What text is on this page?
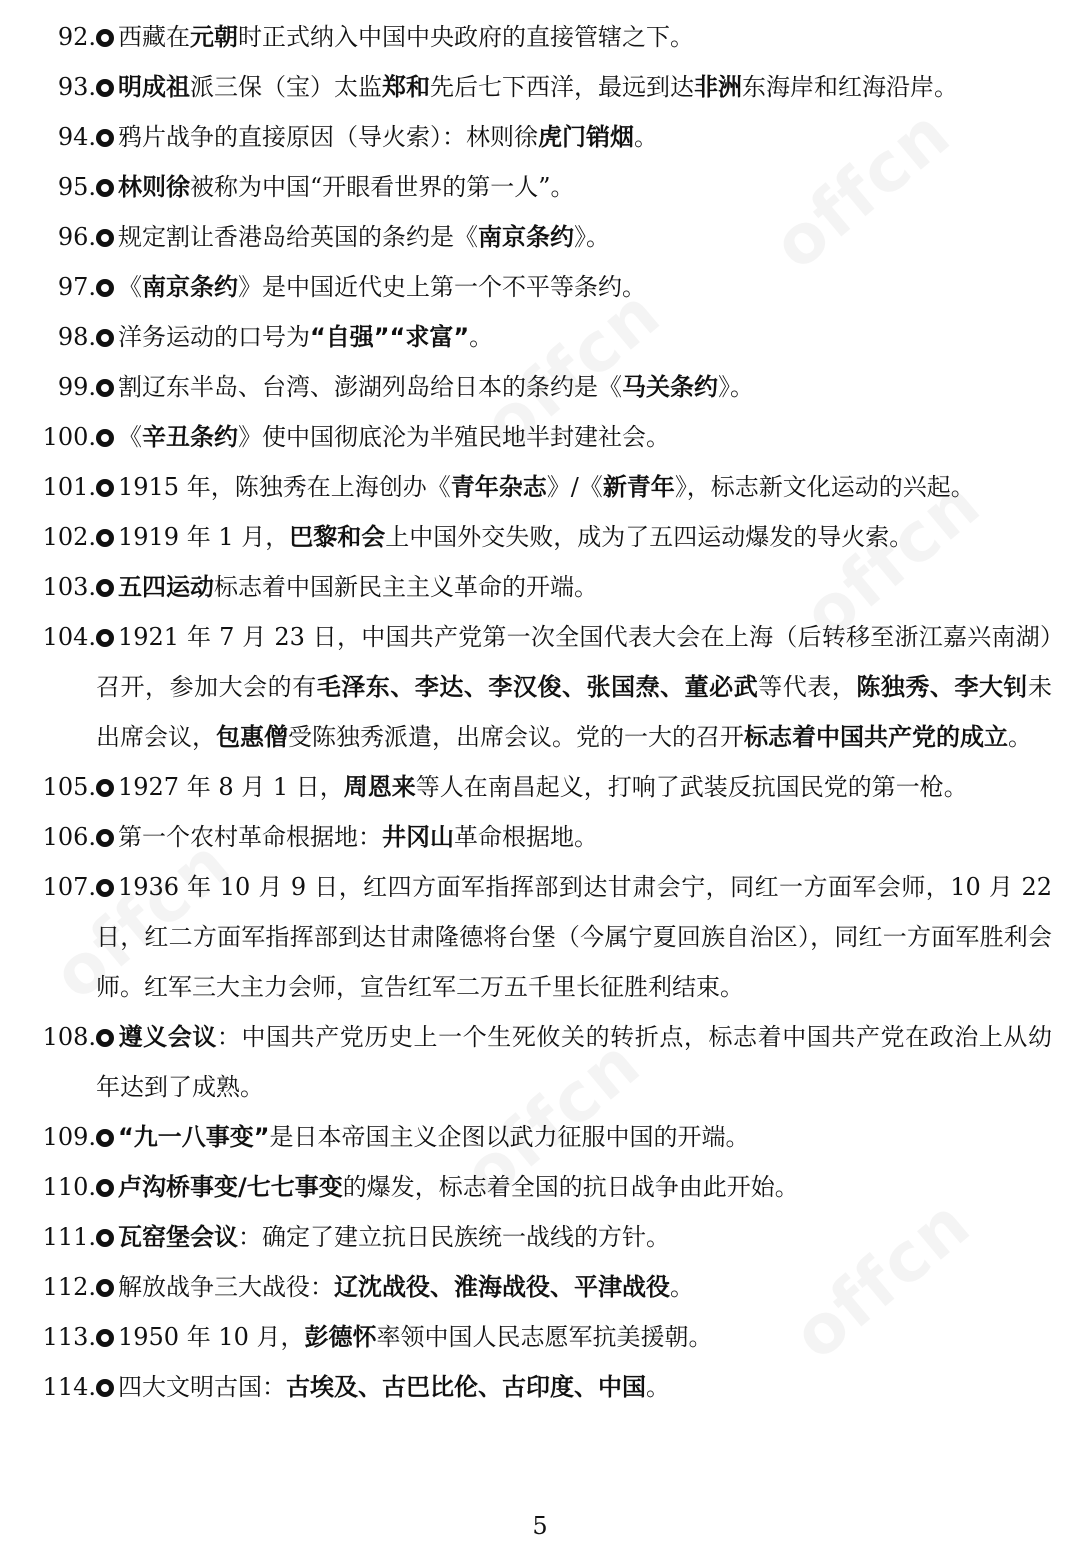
92. 西藏在元朝时正式纳入中国中央政府的直接管辖之下。
93. 明成祖派三保（宝）太监郑和先后七下西洋，最远到达非洲东海岸和红海沿岸。
94. 鸦片战争的直接原因（导火索）：林则徐虎门销烟。
95. 林则徐被称为中国“开眼看世界的第一人”。
96. 规定割让香港岛给英国的条约是《南京条约》。
97. 《南京条约》是中国近代史上第一个不平等条约。
98. 洋务运动的口号为“自强”“求富”。
99. 割辽东半岛、台湾、澎湖列岛给日本的条约是《马关条约》。
100. 《辛丑条约》使中国彻底沦为半殖民地半封建社会。
101. 1915 年，陈独秀在上海创办《青年杂志》/《新青年》，标志新文化运动的兴起。
102. 1919 年 1 月，巴黎和会上中国外交失败，成为了五四运动爆发的导火索。
103. 五四运动标志着中国新民主主义革命的开端。
104. 1921 年 7 月 23 日，中国共产党第一次全国代表大会在上海（后转移至浙江嘉兴南湖）召开，参加大会的有毛泽东、李达、李汉俊、张国焘、董必武等代表，陈独秀、李大钊未出席会议，包惠僧受陈独秀派遣，出席会议。党的一大的召开标志着中国共产党的成立。
105. 1927 年 8 月 1 日，周恩来等人在南昌起义，打响了武装反抗国民党的第一枪。
106. 第一个农村革命根据地：井冈山革命根据地。
107. 1936 年 10 月 9 日，红四方面军指挥部到达甘肃会宁，同红一方面军会师，10 月 22 日，红二方面军指挥部到达甘肃隆德将台堡（今属宁夏回族自治区），同红一方面军胜利会师。红军三大主力会师，宣告红军二万五千里长征胜利结束。
108. 遵义会议：中国共产党历史上一个生死攸关的转折点，标志着中国共产党在政治上从幼年达到了成熟。
109. “九一八事变”是日本帝国主义企图以武力征服中国的开端。
110. 卢沟桥事变/七七事变的爆发，标志着全国的抗日战争由此开始。
111. 瓦窑堡会议：确定了建立抗日民族统一战线的方针。
112. 解放战争三大战役：辽沈战役、淮海战役、平津战役。
113. 1950 年 10 月，彭德怀率领中国人民志愿军抗美援朝。
114. 四大文明古国：古埃及、古巴比伦、古印度、中国。
5
